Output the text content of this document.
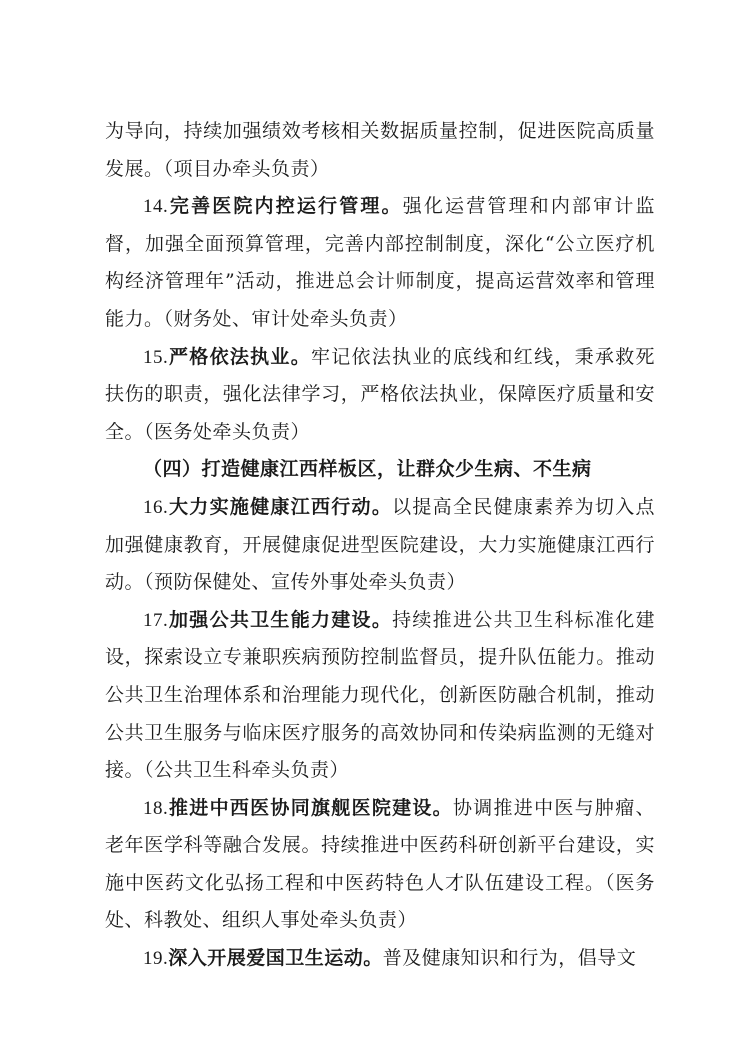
为导向，持续加强绩效考核相关数据质量控制，促进医院高质量发展。（项目办牵头负责）

14.完善医院内控运行管理。强化运营管理和内部审计监督，加强全面预算管理，完善内部控制制度，深化“公立医疗机构经济管理年”活动，推进总会计师制度，提高运营效率和管理能力。（财务处、审计处牵头负责）

15.严格依法执业。牢记依法执业的底线和红线，秉承救死扶伤的职责，强化法律学习，严格依法执业，保障医疗质量和安全。（医务处牵头负责）

（四）打造健康江西样板区，让群众少生病、不生病

16.大力实施健康江西行动。以提高全民健康素养为切入点加强健康教育，开展健康促进型医院建设，大力实施健康江西行动。（预防保健处、宣传外事处牵头负责）

17.加强公共卫生能力建设。持续推进公共卫生科标准化建设，探索设立专兼职疾病预防控制监督员，提升队伍能力。推动公共卫生治理体系和治理能力现代化，创新医防融合机制，推动公共卫生服务与临床医疗服务的高效协同和传染病监测的无缝对接。（公共卫生科牵头负责）

18.推进中西医协同旗舰医院建设。协调推进中医与肿瘤、老年医学科等融合发展。持续推进中医药科研创新平台建设，实施中医药文化弘扬工程和中医药特色人才队伍建设工程。（医务处、科教处、组织人事处牵头负责）

19.深入开展爱国卫生运动。普及健康知识和行为，倡导文
